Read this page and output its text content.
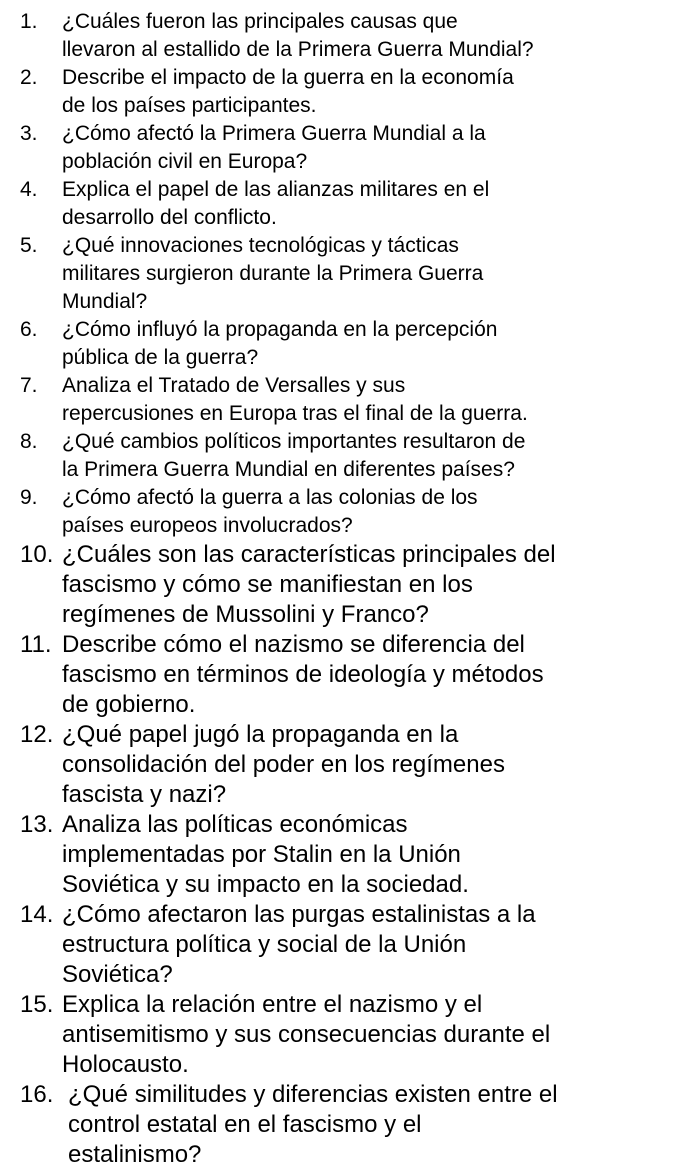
1. ¿Cuáles fueron las principales causas que
llevaron al estallido de la Primera Guerra Mundial?
2. Describe el impacto de la guerra en la economía
de los países participantes.
3. ¿Cómo afectó la Primera Guerra Mundial a la
población civil en Europa?
4. Explica el papel de las alianzas militares en el
desarrollo del conflicto.
5. ¿Qué innovaciones tecnológicas y tácticas
militares surgieron durante la Primera Guerra
Mundial?
6. ¿Cómo influyó la propaganda en la percepción
pública de la guerra?
7. Analiza el Tratado de Versalles y sus
repercusiones en Europa tras el final de la guerra.
8. ¿Qué cambios políticos importantes resultaron de
la Primera Guerra Mundial en diferentes países?
9. ¿Cómo afectó la guerra a las colonias de los
países europeos involucrados?
10. ¿Cuáles son las características principales del
fascismo y cómo se manifiestan en los
regímenes de Mussolini y Franco?
11. Describe cómo el nazismo se diferencia del
fascismo en términos de ideología y métodos
de gobierno.
12. ¿Qué papel jugó la propaganda en la
consolidación del poder en los regímenes
fascista y nazi?
13. Analiza las políticas económicas
implementadas por Stalin en la Unión
Soviética y su impacto en la sociedad.
14. ¿Cómo afectaron las purgas estalinistas a la
estructura política y social de la Unión
Soviética?
15. Explica la relación entre el nazismo y el
antisemitismo y sus consecuencias durante el
Holocausto.
16. ¿Qué similitudes y diferencias existen entre el
control estatal en el fascismo y el
estalinismo?
